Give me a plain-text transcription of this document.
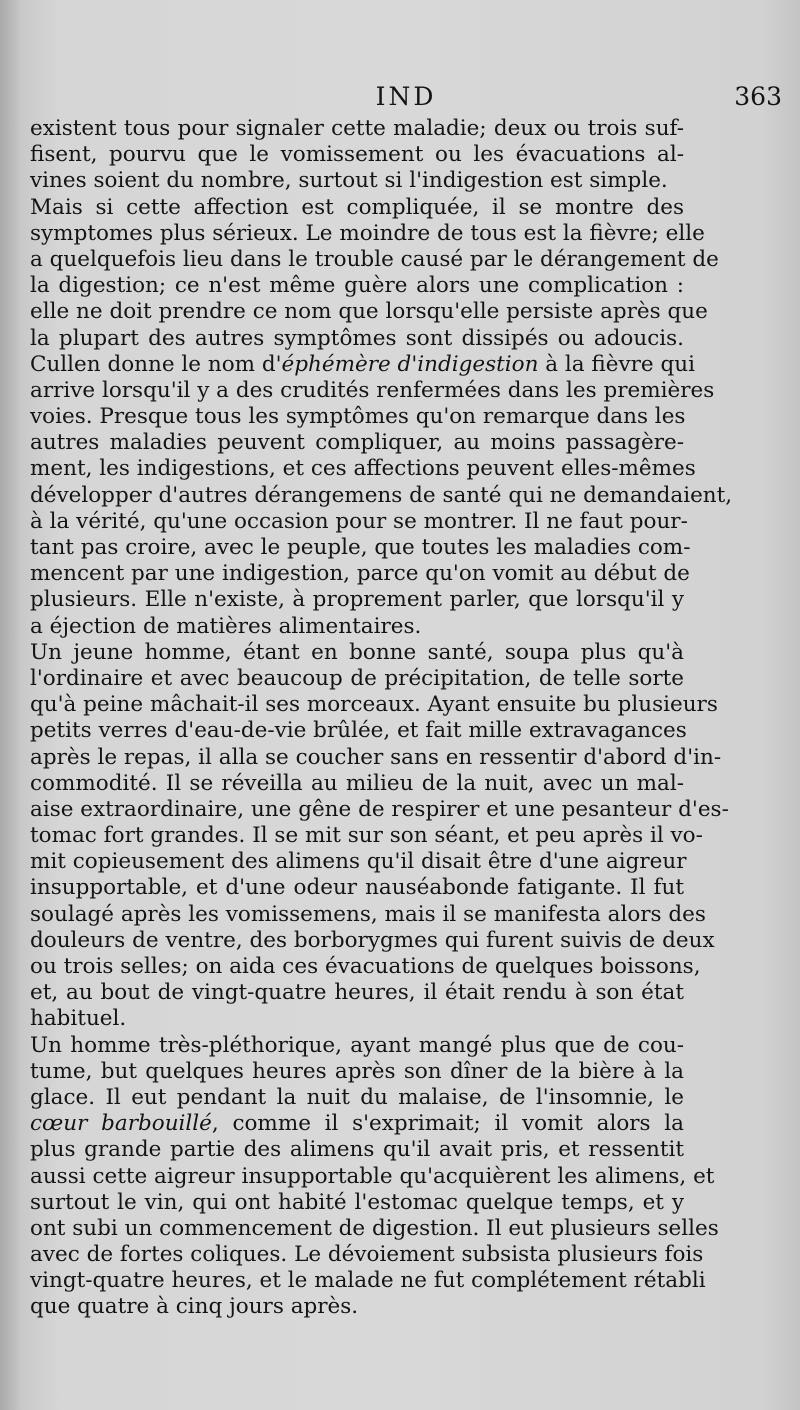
IND	363
existent tous pour signaler cette maladie; deux ou trois suf-
fisent, pourvu que le vomissement ou les évacuations al-
vines soient du nombre, surtout si l'indigestion est simple.
Mais si cette affection est compliquée, il se montre des
symptomes plus sérieux. Le moindre de tous est la fièvre; elle
a quelquefois lieu dans le trouble causé par le dérangement de
la digestion; ce n'est même guère alors une complication :
elle ne doit prendre ce nom que lorsqu'elle persiste après que
la plupart des autres symptômes sont dissipés ou adoucis.
Cullen donne le nom d'éphémère d'indigestion à la fièvre qui
arrive lorsqu'il y a des crudités renfermées dans les premières
voies. Presque tous les symptômes qu'on remarque dans les
autres maladies peuvent compliquer, au moins passagère-
ment, les indigestions, et ces affections peuvent elles-mêmes
développer d'autres dérangemens de santé qui ne demandaient,
à la vérité, qu'une occasion pour se montrer. Il ne faut pour-
tant pas croire, avec le peuple, que toutes les maladies com-
mencent par une indigestion, parce qu'on vomit au début de
plusieurs. Elle n'existe, à proprement parler, que lorsqu'il y
a éjection de matières alimentaires.
Un jeune homme, étant en bonne santé, soupa plus qu'à
l'ordinaire et avec beaucoup de précipitation, de telle sorte
qu'à peine mâchait-il ses morceaux. Ayant ensuite bu plusieurs
petits verres d'eau-de-vie brûlée, et fait mille extravagances
après le repas, il alla se coucher sans en ressentir d'abord d'in-
commodité. Il se réveilla au milieu de la nuit, avec un mal-
aise extraordinaire, une gêne de respirer et une pesanteur d'es-
tomac fort grandes. Il se mit sur son séant, et peu après il vo-
mit copieusement des alimens qu'il disait être d'une aigreur
insupportable, et d'une odeur nauséabonde fatigante. Il fut
soulagé après les vomissemens, mais il se manifesta alors des
douleurs de ventre, des borborygmes qui furent suivis de deux
ou trois selles; on aida ces évacuations de quelques boissons,
et, au bout de vingt-quatre heures, il était rendu à son état
habituel.
Un homme très-pléthorique, ayant mangé plus que de cou-
tume, but quelques heures après son dîner de la bière à la
glace. Il eut pendant la nuit du malaise, de l'insomnie, le
cœur barbouillé, comme il s'exprimait; il vomit alors la
plus grande partie des alimens qu'il avait pris, et ressentit
aussi cette aigreur insupportable qu'acquièrent les alimens, et
surtout le vin, qui ont habité l'estomac quelque temps, et y
ont subi un commencement de digestion. Il eut plusieurs selles
avec de fortes coliques. Le dévoiement subsista plusieurs fois
vingt-quatre heures, et le malade ne fut complétement rétabli
que quatre à cinq jours après.
